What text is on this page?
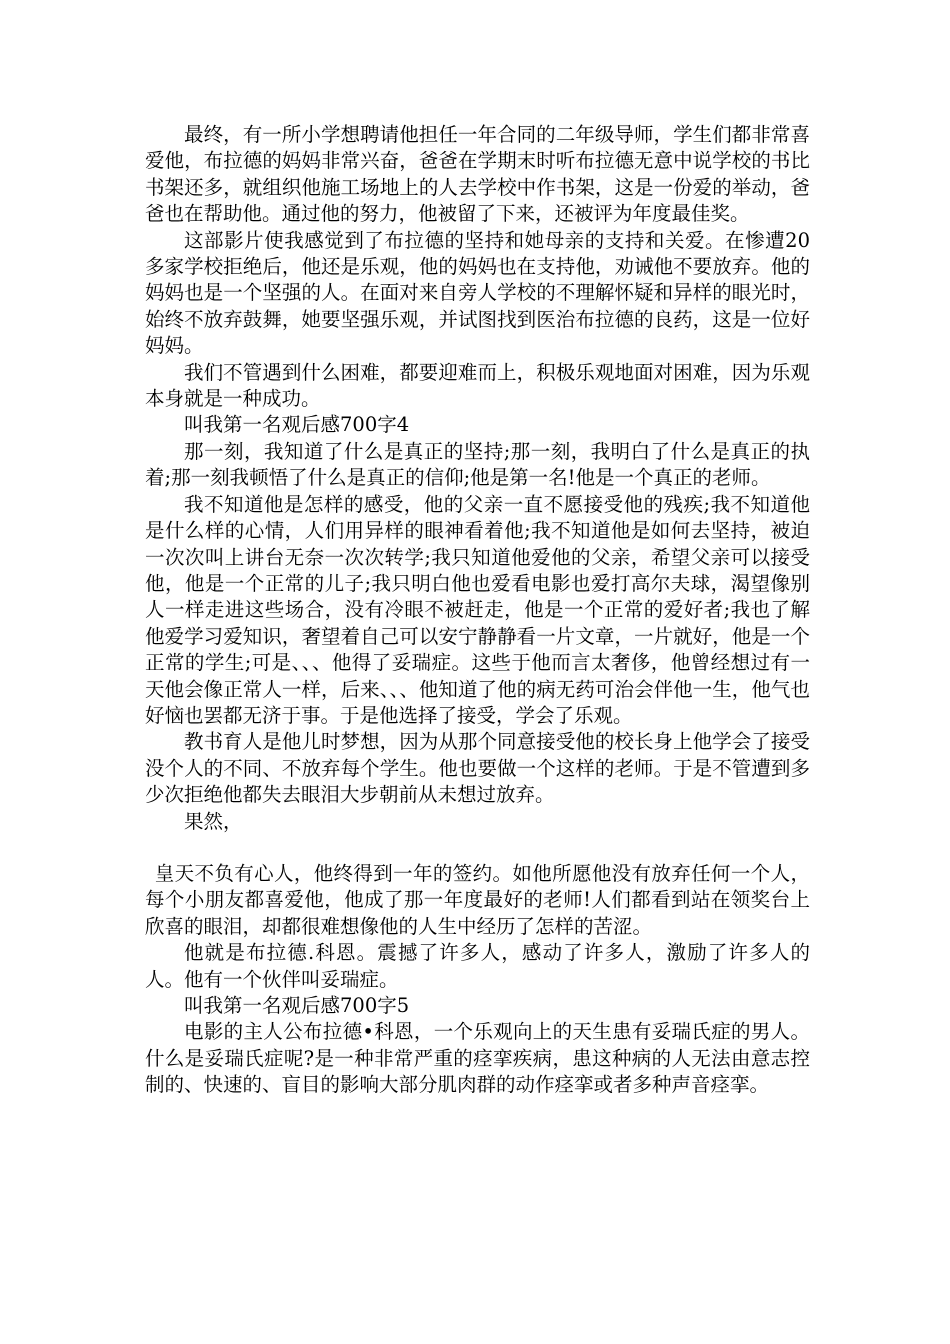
最终，有一所小学想聘请他担任一年合同的二年级导师，学生们都非常喜爱他，布拉德的妈妈非常兴奋，爸爸在学期末时听布拉德无意中说学校的书比书架还多，就组织他施工场地上的人去学校中作书架，这是一份爱的举动，爸爸也在帮助他。通过他的努力，他被留了下来，还被评为年度最佳奖。

这部影片使我感觉到了布拉德的坚持和她母亲的支持和关爱。在惨遭20多家学校拒绝后，他还是乐观，他的妈妈也在支持他，劝诫他不要放弃。他的妈妈也是一个坚强的人。在面对来自旁人学校的不理解怀疑和异样的眼光时，始终不放弃鼓舞，她要坚强乐观，并试图找到医治布拉德的良药，这是一位好妈妈。

我们不管遇到什么困难，都要迎难而上，积极乐观地面对困难，因为乐观本身就是一种成功。

叫我第一名观后感700字4

那一刻，我知道了什么是真正的坚持;那一刻，我明白了什么是真正的执着;那一刻我顿悟了什么是真正的信仰;他是第一名!他是一个真正的老师。

我不知道他是怎样的感受，他的父亲一直不愿接受他的残疾;我不知道他是什么样的心情，人们用异样的眼神看着他;我不知道他是如何去坚持，被迫一次次叫上讲台无奈一次次转学;我只知道他爱他的父亲，希望父亲可以接受他，他是一个正常的儿子;我只明白他也爱看电影也爱打高尔夫球，渴望像别人一样走进这些场合，没有冷眼不被赶走，他是一个正常的爱好者;我也了解他爱学习爱知识，奢望着自己可以安宁静静看一片文章，一片就好，他是一个正常的学生;可是、、、他得了妥瑞症。这些于他而言太奢侈，他曾经想过有一天他会像正常人一样，后来、、、他知道了他的病无药可治会伴他一生，他气也好恼也罢都无济于事。于是他选择了接受，学会了乐观。

教书育人是他儿时梦想，因为从那个同意接受他的校长身上他学会了接受没个人的不同、不放弃每个学生。他也要做一个这样的老师。于是不管遭到多少次拒绝他都失去眼泪大步朝前从未想过放弃。

果然，

皇天不负有心人，他终得到一年的签约。如他所愿他没有放弃任何一个人，每个小朋友都喜爱他，他成了那一年度最好的老师!人们都看到站在领奖台上欣喜的眼泪，却都很难想像他的人生中经历了怎样的苦涩。

他就是布拉德.科恩。震撼了许多人，感动了许多人，激励了许多人的人。他有一个伙伴叫妥瑞症。

叫我第一名观后感700字5

电影的主人公布拉德•科恩，一个乐观向上的天生患有妥瑞氏症的男人。什么是妥瑞氏症呢?是一种非常严重的痉挛疾病，患这种病的人无法由意志控制的、快速的、盲目的影响大部分肌肉群的动作痉挛或者多种声音痉挛。
